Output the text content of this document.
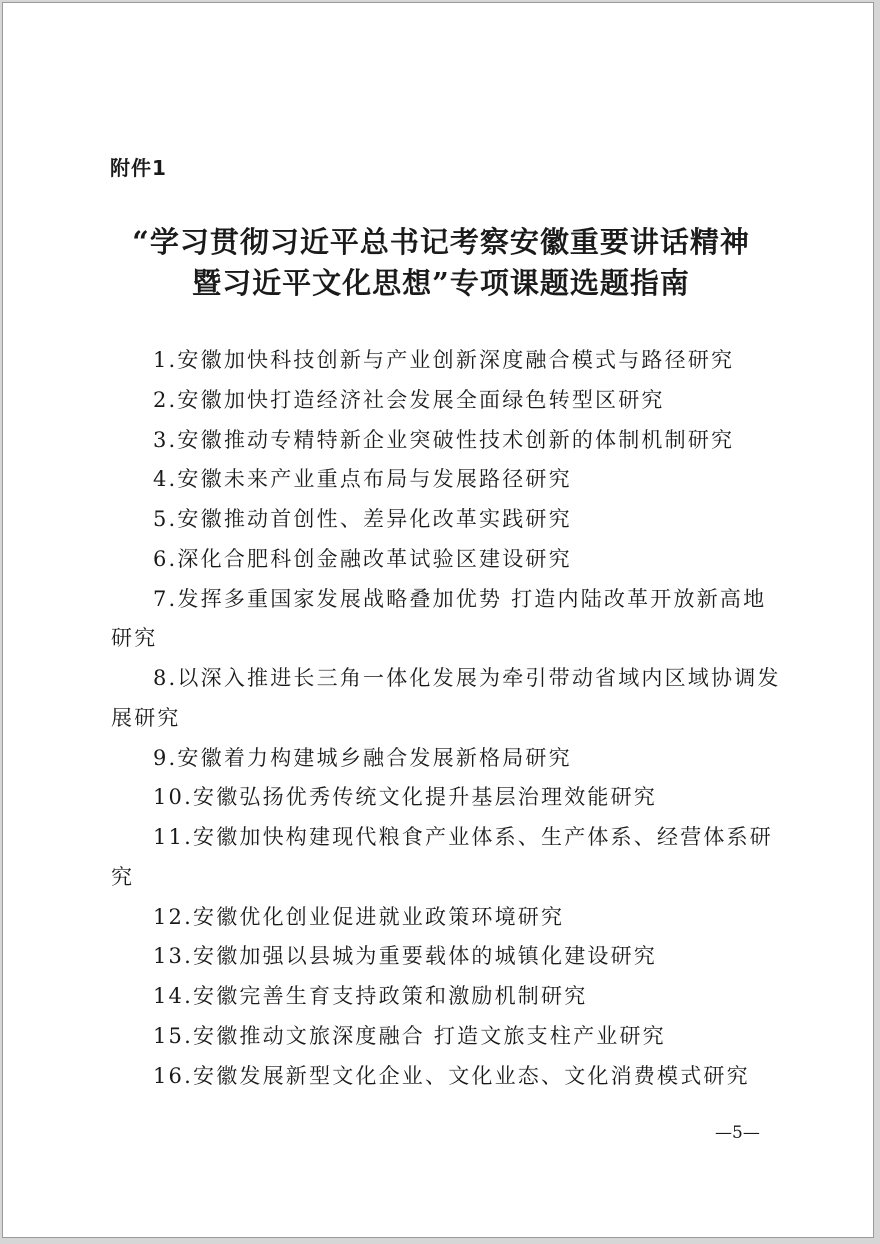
附件1
“学习贯彻习近平总书记考察安徽重要讲话精神
暨习近平文化思想”专项课题选题指南
1.安徽加快科技创新与产业创新深度融合模式与路径研究
2.安徽加快打造经济社会发展全面绿色转型区研究
3.安徽推动专精特新企业突破性技术创新的体制机制研究
4.安徽未来产业重点布局与发展路径研究
5.安徽推动首创性、差异化改革实践研究
6.深化合肥科创金融改革试验区建设研究
7.发挥多重国家发展战略叠加优势 打造内陆改革开放新高地研究
8.以深入推进长三角一体化发展为牵引带动省域内区域协调发展研究
9.安徽着力构建城乡融合发展新格局研究
10.安徽弘扬优秀传统文化提升基层治理效能研究
11.安徽加快构建现代粮食产业体系、生产体系、经营体系研究
12.安徽优化创业促进就业政策环境研究
13.安徽加强以县城为重要载体的城镇化建设研究
14.安徽完善生育支持政策和激励机制研究
15.安徽推动文旅深度融合 打造文旅支柱产业研究
16.安徽发展新型文化企业、文化业态、文化消费模式研究
—5—
